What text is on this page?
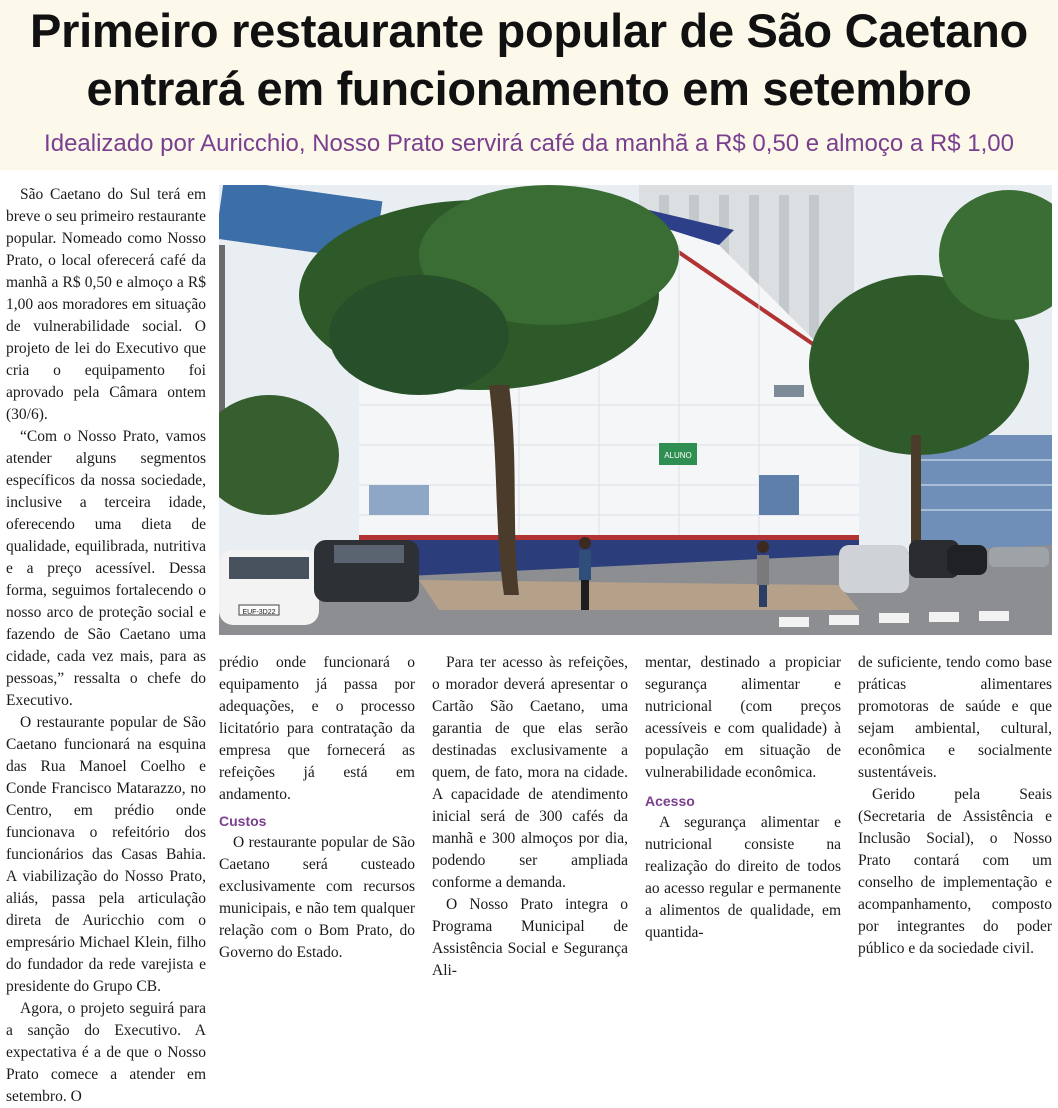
Primeiro restaurante popular de São Caetano
entrará em funcionamento em setembro

Idealizado por Auricchio, Nosso Prato servirá café da manhã a R$ 0,50 e almoço a R$ 1,00

ALUNO
EUF-3D22

São Caetano do Sul terá em breve o seu primeiro restaurante popular. Nomeado como Nosso Prato, o local oferecerá café da manhã a R$ 0,50 e almoço a R$ 1,00 aos moradores em situação de vulnerabilidade social. O projeto de lei do Executivo que cria o equipamento foi aprovado pela Câmara ontem (30/6).

“Com o Nosso Prato, vamos atender alguns segmentos específicos da nossa sociedade, inclusive a terceira idade, oferecendo uma dieta de qualidade, equilibrada, nutritiva e a preço acessível. Dessa forma, seguimos fortalecendo o nosso arco de proteção social e fazendo de São Caetano uma cidade, cada vez mais, para as pessoas,” ressalta o chefe do Executivo.

O restaurante popular de São Caetano funcionará na esquina das Rua Manoel Coelho e Conde Francisco Matarazzo, no Centro, em prédio onde funcionava o refeitório dos funcionários das Casas Bahia. A viabilização do Nosso Prato, aliás, passa pela articulação direta de Auricchio com o empresário Michael Klein, filho do fundador da rede varejista e presidente do Grupo CB.

Agora, o projeto seguirá para a sanção do Executivo. A expectativa é a de que o Nosso Prato comece a atender em setembro. O

prédio onde funcionará o equipamento já passa por adequações, e o processo licitatório para contratação da empresa que fornecerá as refeições já está em andamento.

Custos

O restaurante popular de São Caetano será custeado exclusivamente com recursos municipais, e não tem qualquer relação com o Bom Prato, do Governo do Estado.

Para ter acesso às refeições, o morador deverá apresentar o Cartão São Caetano, uma garantia de que elas serão destinadas exclusivamente a quem, de fato, mora na cidade. A capacidade de atendimento inicial será de 300 cafés da manhã e 300 almoços por dia, podendo ser ampliada conforme a demanda.

O Nosso Prato integra o Programa Municipal de Assistência Social e Segurança Ali-

mentar, destinado a propiciar segurança alimentar e nutricional (com preços acessíveis e com qualidade) à população em situação de vulnerabilidade econômica.

Acesso

A segurança alimentar e nutricional consiste na realização do direito de todos ao acesso regular e permanente a alimentos de qualidade, em quantida-

de suficiente, tendo como base práticas alimentares promotoras de saúde e que sejam ambiental, cultural, econômica e socialmente sustentáveis.

Gerido pela Seais (Secretaria de Assistência e Inclusão Social), o Nosso Prato contará com um conselho de implementação e acompanhamento, composto por integrantes do poder público e da sociedade civil.
